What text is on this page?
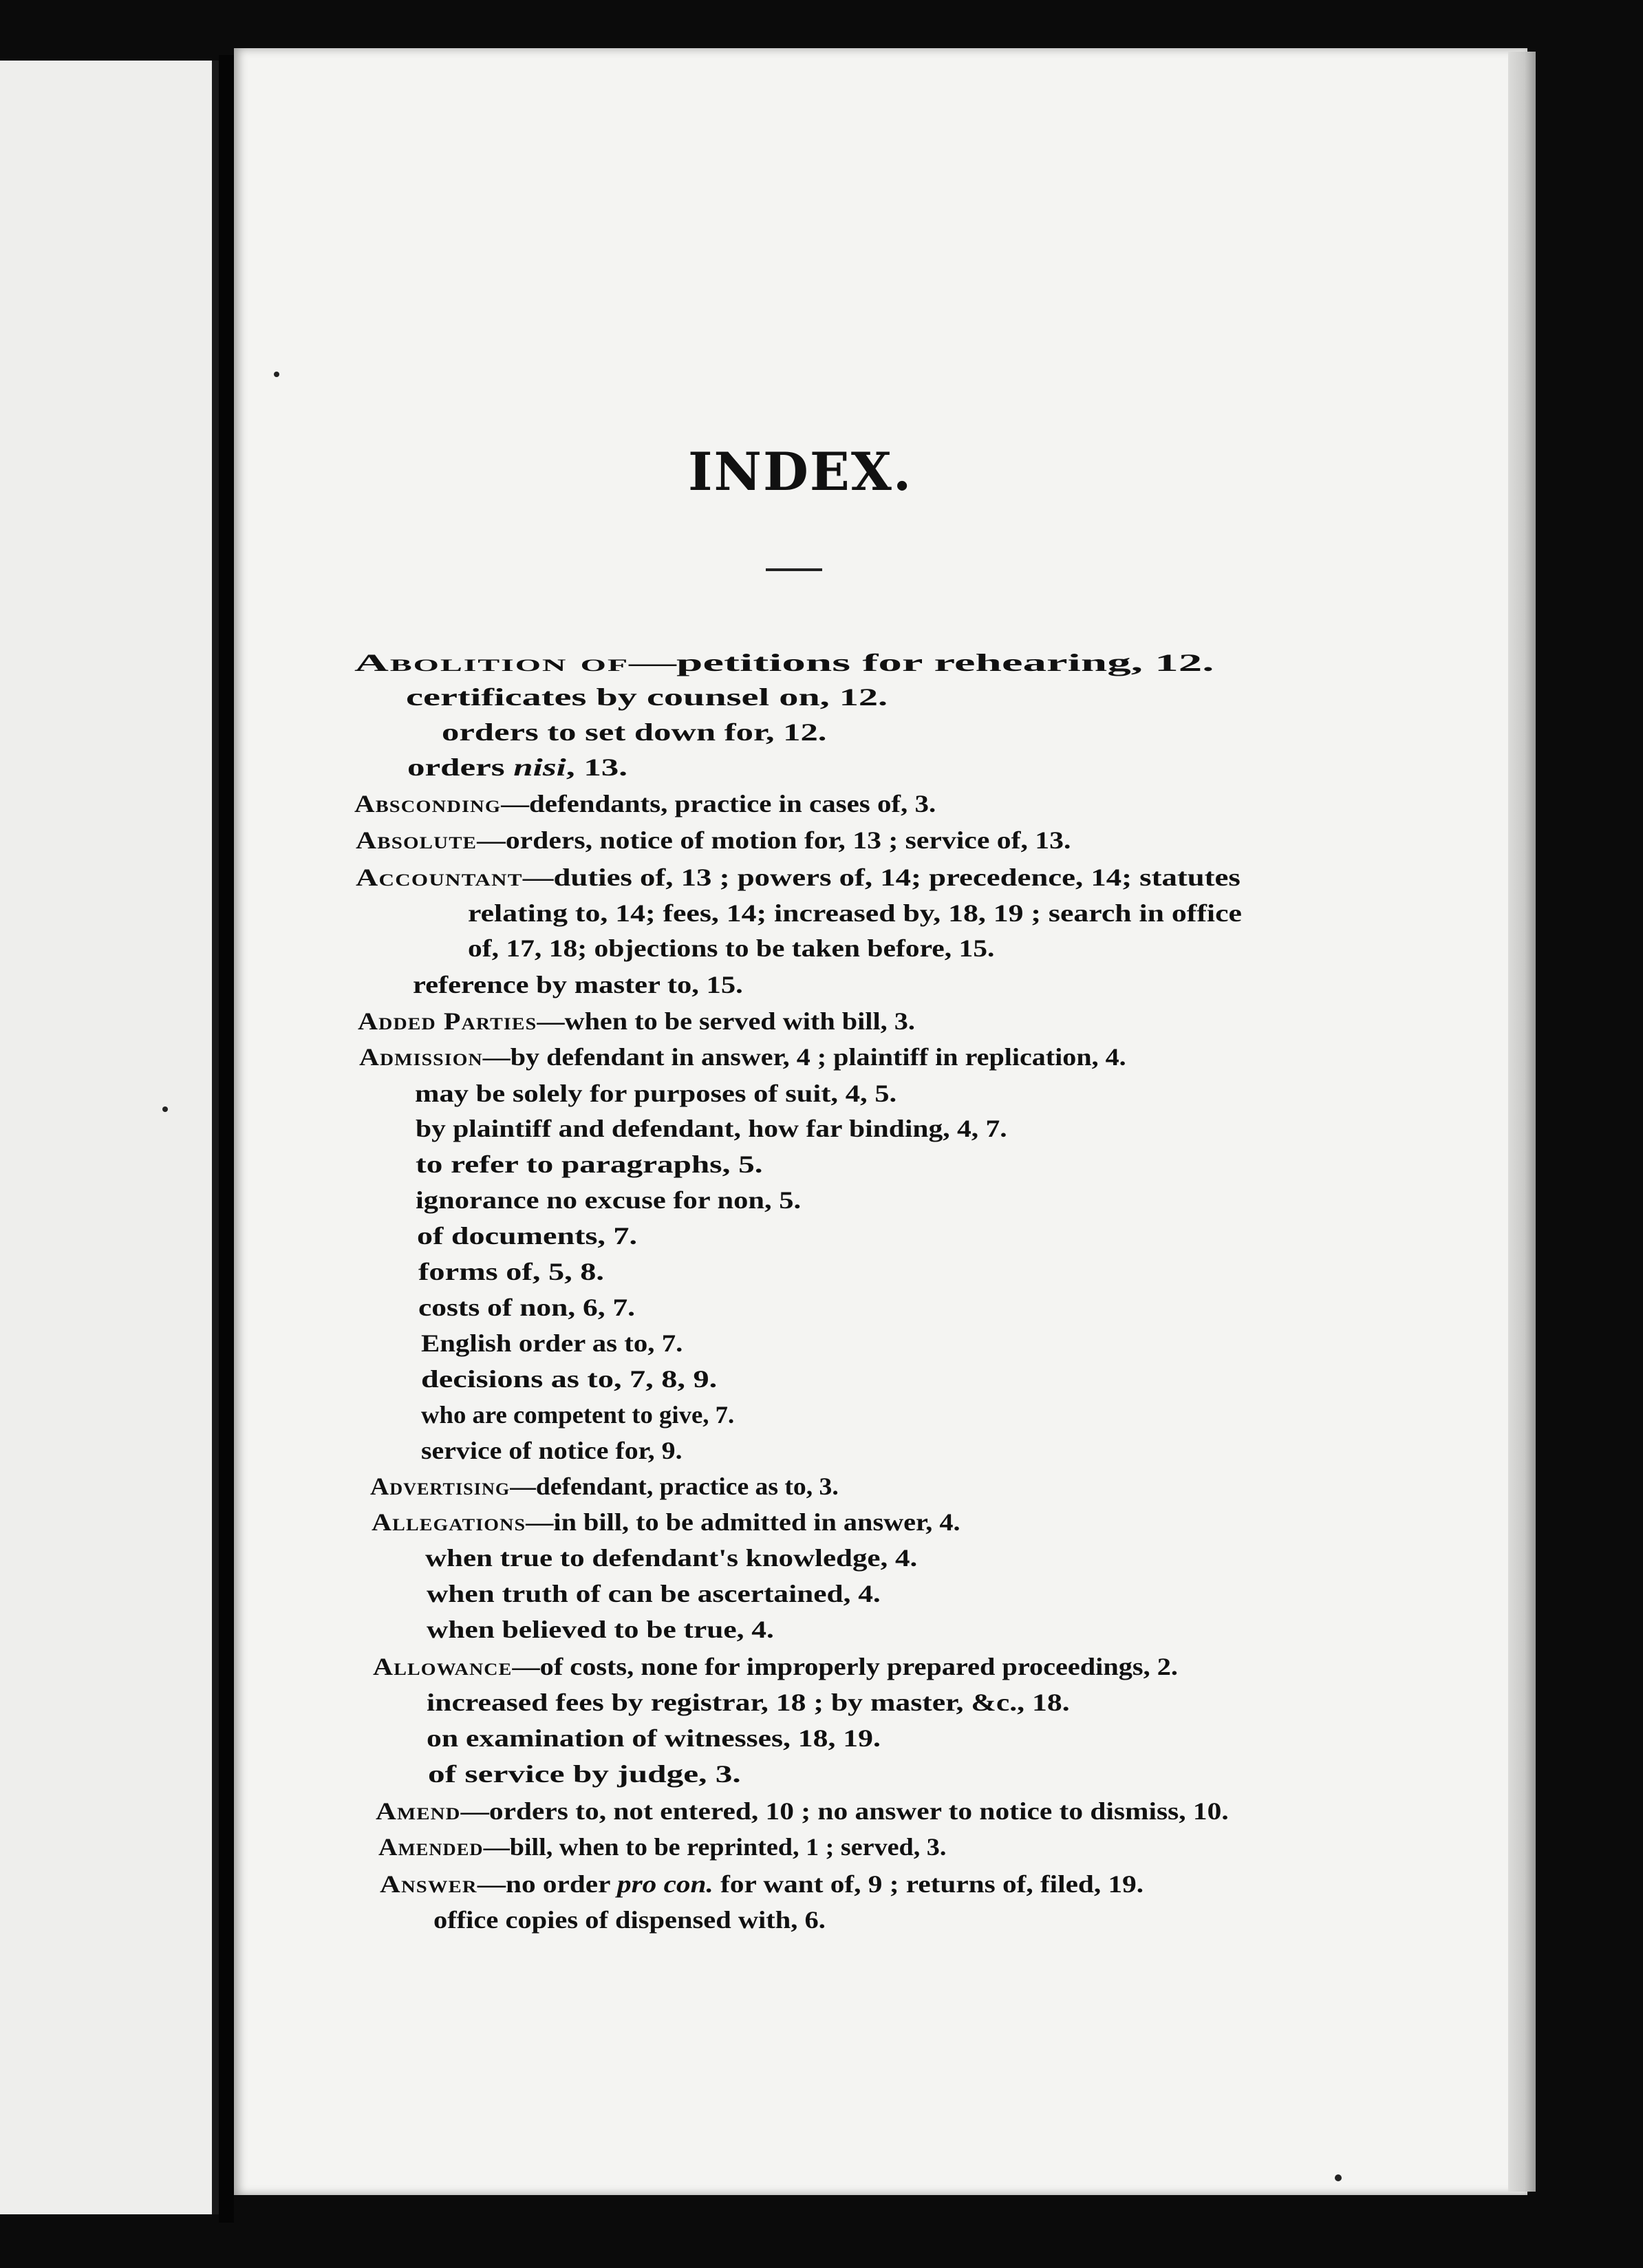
INDEX.
Abolition of—petitions for rehearing, 12.
certificates by counsel on, 12.
orders to set down for, 12.
orders nisi, 13.
Absconding—defendants, practice in cases of, 3.
Absolute—orders, notice of motion for, 13 ; service of, 13.
Accountant—duties of, 13 ; powers of, 14; precedence, 14; statutes
relating to, 14; fees, 14; increased by, 18, 19 ; search in office
of, 17, 18; objections to be taken before, 15.
reference by master to, 15.
Added Parties—when to be served with bill, 3.
Admission—by defendant in answer, 4 ; plaintiff in replication, 4.
may be solely for purposes of suit, 4, 5.
by plaintiff and defendant, how far binding, 4, 7.
to refer to paragraphs, 5.
ignorance no excuse for non, 5.
of documents, 7.
forms of, 5, 8.
costs of non, 6, 7.
English order as to, 7.
decisions as to, 7, 8, 9.
who are competent to give, 7.
service of notice for, 9.
Advertising—defendant, practice as to, 3.
Allegations—in bill, to be admitted in answer, 4.
when true to defendant's knowledge, 4.
when truth of can be ascertained, 4.
when believed to be true, 4.
Allowance—of costs, none for improperly prepared proceedings, 2.
increased fees by registrar, 18 ; by master, &c., 18.
on examination of witnesses, 18, 19.
of service by judge, 3.
Amend—orders to, not entered, 10 ; no answer to notice to dismiss, 10.
Amended—bill, when to be reprinted, 1 ; served, 3.
Answer—no order pro con. for want of, 9 ; returns of, filed, 19.
office copies of dispensed with, 6.
